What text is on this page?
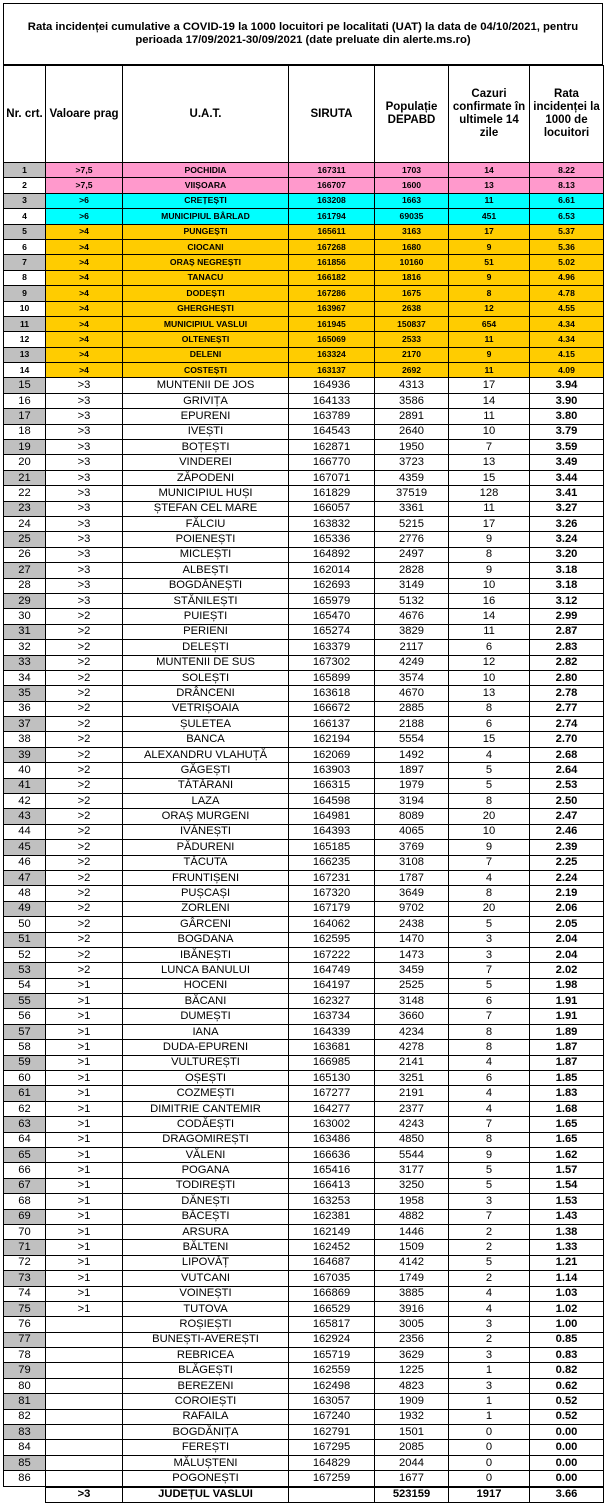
Rata incidenței cumulative a COVID-19 la 1000 locuitori pe localitati (UAT) la data de 04/10/2021, pentru perioada 17/09/2021-30/09/2021 (date preluate din alerte.ms.ro)
Nr. crt.	Valoare prag	U.A.T.	SIRUTA	Populație DEPABD	Cazuri confirmate în ultimele 14 zile	Rata incidenței la 1000 de locuitori
1	>7,5	POCHIDIA	167311	1703	14	8.22
2	>7,5	VIIȘOARA	166707	1600	13	8.13
3	>6	CREȚEȘTI	163208	1663	11	6.61
4	>6	MUNICIPIUL BÂRLAD	161794	69035	451	6.53
5	>4	PUNGEȘTI	165611	3163	17	5.37
6	>4	CIOCANI	167268	1680	9	5.36
7	>4	ORAȘ NEGREȘTI	161856	10160	51	5.02
8	>4	TANACU	166182	1816	9	4.96
9	>4	DODEȘTI	167286	1675	8	4.78
10	>4	GHERGHEȘTI	163967	2638	12	4.55
11	>4	MUNICIPIUL VASLUI	161945	150837	654	4.34
12	>4	OLTENEȘTI	165069	2533	11	4.34
13	>4	DELENI	163324	2170	9	4.15
14	>4	COSTEȘTI	163137	2692	11	4.09
15	>3	MUNTENII DE JOS	164936	4313	17	3.94
16	>3	GRIVIȚA	164133	3586	14	3.90
17	>3	EPURENI	163789	2891	11	3.80
18	>3	IVEȘTI	164543	2640	10	3.79
19	>3	BOȚEȘTI	162871	1950	7	3.59
20	>3	VINDEREI	166770	3723	13	3.49
21	>3	ZĂPODENI	167071	4359	15	3.44
22	>3	MUNICIPIUL HUȘI	161829	37519	128	3.41
23	>3	ȘTEFAN CEL MARE	166057	3361	11	3.27
24	>3	FĂLCIU	163832	5215	17	3.26
25	>3	POIENEȘTI	165336	2776	9	3.24
26	>3	MICLEȘTI	164892	2497	8	3.20
27	>3	ALBEȘTI	162014	2828	9	3.18
28	>3	BOGDĂNEȘTI	162693	3149	10	3.18
29	>3	STĂNILEȘTI	165979	5132	16	3.12
30	>2	PUIEȘTI	165470	4676	14	2.99
31	>2	PERIENI	165274	3829	11	2.87
32	>2	DELEȘTI	163379	2117	6	2.83
33	>2	MUNTENII DE SUS	167302	4249	12	2.82
34	>2	SOLEȘTI	165899	3574	10	2.80
35	>2	DRÂNCENI	163618	4670	13	2.78
36	>2	VETRIȘOAIA	166672	2885	8	2.77
37	>2	ȘULETEA	166137	2188	6	2.74
38	>2	BANCA	162194	5554	15	2.70
39	>2	ALEXANDRU VLAHUȚĂ	162069	1492	4	2.68
40	>2	GĂGEȘTI	163903	1897	5	2.64
41	>2	TĂTĂRANI	166315	1979	5	2.53
42	>2	LAZA	164598	3194	8	2.50
43	>2	ORAȘ MURGENI	164981	8089	20	2.47
44	>2	IVĂNEȘTI	164393	4065	10	2.46
45	>2	PĂDURENI	165185	3769	9	2.39
46	>2	TĂCUTA	166235	3108	7	2.25
47	>2	FRUNTIȘENI	167231	1787	4	2.24
48	>2	PUȘCAȘI	167320	3649	8	2.19
49	>2	ZORLENI	167179	9702	20	2.06
50	>2	GÂRCENI	164062	2438	5	2.05
51	>2	BOGDANA	162595	1470	3	2.04
52	>2	IBĂNEȘTI	167222	1473	3	2.04
53	>2	LUNCA BANULUI	164749	3459	7	2.02
54	>1	HOCENI	164197	2525	5	1.98
55	>1	BĂCANI	162327	3148	6	1.91
56	>1	DUMEȘTI	163734	3660	7	1.91
57	>1	IANA	164339	4234	8	1.89
58	>1	DUDA-EPURENI	163681	4278	8	1.87
59	>1	VULTUREȘTI	166985	2141	4	1.87
60	>1	OȘEȘTI	165130	3251	6	1.85
61	>1	COZMEȘTI	167277	2191	4	1.83
62	>1	DIMITRIE CANTEMIR	164277	2377	4	1.68
63	>1	CODĂEȘTI	163002	4243	7	1.65
64	>1	DRAGOMIREȘTI	163486	4850	8	1.65
65	>1	VĂLENI	166636	5544	9	1.62
66	>1	POGANA	165416	3177	5	1.57
67	>1	TODIREȘTI	166413	3250	5	1.54
68	>1	DĂNEȘTI	163253	1958	3	1.53
69	>1	BĂCEȘTI	162381	4882	7	1.43
70	>1	ARSURA	162149	1446	2	1.38
71	>1	BĂLTENI	162452	1509	2	1.33
72	>1	LIPOVĂȚ	164687	4142	5	1.21
73	>1	VUTCANI	167035	1749	2	1.14
74	>1	VOINEȘTI	166869	3885	4	1.03
75	>1	TUTOVA	166529	3916	4	1.02
76		ROȘIEȘTI	165817	3005	3	1.00
77		BUNEȘTI-AVEREȘTI	162924	2356	2	0.85
78		REBRICEA	165719	3629	3	0.83
79		BLĂGEȘTI	162559	1225	1	0.82
80		BEREZENI	162498	4823	3	0.62
81		COROIEȘTI	163057	1909	1	0.52
82		RAFAILA	167240	1932	1	0.52
83		BOGDĂNIȚA	162791	1501	0	0.00
84		FEREȘTI	167295	2085	0	0.00
85		MĂLUȘTENI	164829	2044	0	0.00
86		POGONEȘTI	167259	1677	0	0.00
	>3	JUDEȚUL VASLUI		523159	1917	3.66
